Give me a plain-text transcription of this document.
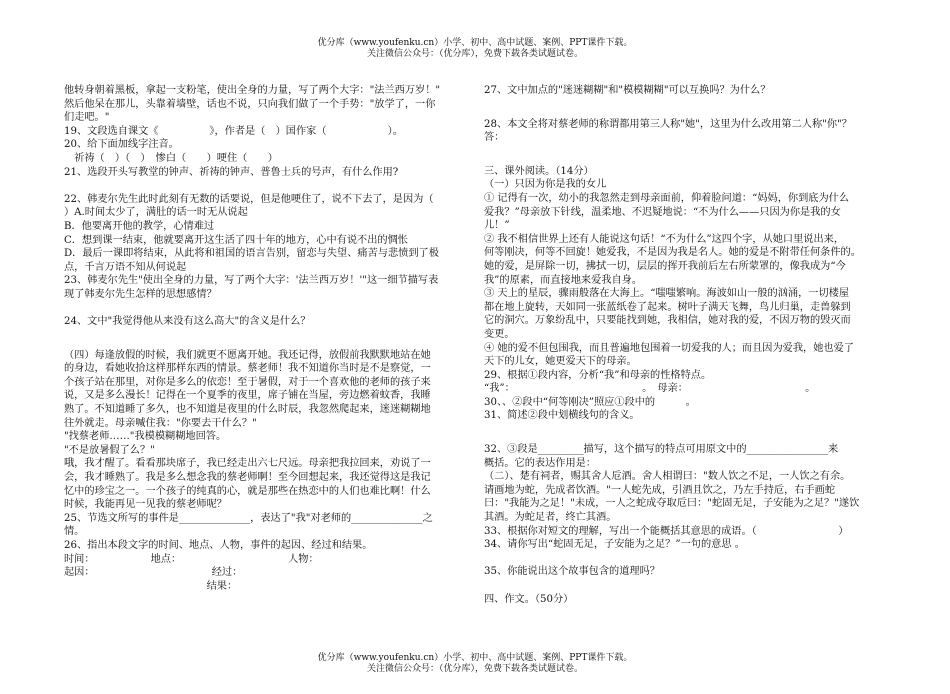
优分库（www.youfenku.cn）小学、初中、高中试题、案例、PPT课件下载。
关注微信公众号：（优分库），免费下载各类试题试卷。

他转身朝着黑板，拿起一支粉笔，使出全身的力量，写了两个大字："法兰西万岁！"

然后他呆在那儿，头靠着墙壁，话也不说，只向我们做了一个手势："放学了，一你

们走吧。"

19、文段选自课文《　　　　　》，作者是（　）国作家（　　　　　　）。

20、给下面加线字注音。

　祈祷（　）（　）　惨白（　　）哽住（　　）

21、选段开头写教堂的钟声、祈祷的钟声、普鲁士兵的号声，有什么作用?

22、韩麦尔先生此时此刻有无数的话要说，但是他哽住了，说不下去了，是因为（

）A.时间太少了，满肚的话一时无从说起

B．他要离开他的教学，心情难过

C．想到课一结束，他就要离开这生活了四十年的地方，心中有说不出的惆怅

D．最后一课即将结束，从此将和祖国的语言告别，留恋与失望、痛苦与悲愤到了极

点，千言万语不知从何说起

23、韩麦尔先生"使出全身的力量，写了两个大字：'法兰西万岁！'"这一细节描写表

现了韩麦尔先生怎样的思想感情？

24、文中"我觉得他从来没有这么高大"的含义是什么？

（四）每逢放假的时候，我们就更不愿离开她。我还记得，放假前我默默地站在她

的身边，看她收拾这样那样东西的情景。蔡老师！我不知道你当时是不是察觉，一

个孩子站在那里，对你是多么的依恋！至于暑假，对于一个喜欢他的老师的孩子来

说，又是多么漫长！记得在一个夏季的夜里，席子铺在当屋，旁边燃着蚊香，我睡

熟了。不知道睡了多久，也不知道是夜里的什么时辰，我忽然爬起来，迷迷糊糊地

往外就走。母亲喊住我："你要去干什么？"

"找蔡老师……"我模模糊糊地回答。

"不是放暑假了么？"

哦，我才醒了。看看那块席子，我已经走出六七尺远。母亲把我拉回来，劝说了一

会，我才睡熟了。我是多么想念我的蔡老师啊！至今回想起来，我还觉得这是我记

忆中的珍宝之一。一个孩子的纯真的心，就是那些在热恋中的人们也难比啊！什么

时候，我能再见一见我的蔡老师呢？

25、节选文所写的事件是______________，表达了"我"对老师的______________之

情。

26、指出本段文字的时间、地点、人物，事件的起因、经过和结果。

时间：　　　　　　地点：　　　　　　　　　　　人物：

起因：　　　　　　　　　　　　经过：

　　　　　　　　　　　　　　结果：

27、文中加点的"迷迷糊糊"和"模模糊糊"可以互换吗？为什么？

28、本文全将对蔡老师的称谓都用第三人称"她"，这里为什么改用第二人称"你"？

答：

三、课外阅读。（14分）

（一）只因为你是我的女儿

① 记得有一次，幼小的我忽然走到母亲面前，仰着脸问道：“妈妈，你到底为什么

爱我？”母亲放下针线，温柔地、不迟疑地说：“不为什么——只因为你是我的女

儿！”

② 我不相信世界上还有人能说这句话！“不为什么”这四个字，从她口里说出来，

何等刚决，何等不回旋！她爱我，不是因为我是名人。她的爱是不附带任何条件的。

她的爱，是屏除一切，拂拭一切，层层的挥开我前后左右所蒙罩的，像我成为“今

我”的原素，而直接地来爱我自身。

③ 天上的星辰，骤雨般落在大海上。“嗤嗤繁响。海波如山一般的汹涌，一切楼屋

都在地上旋转，天如同一张蓝纸卷了起来。树叶子满天飞舞，鸟儿归巢，走兽躲到

它的洞穴。万象纷乱中，只要能找到她，我相信，她对我的爱，不因万物的毁灭而

变更。

④ 她的爱不但包围我，而且普遍地包围着一切爱我的人；而且因为爱我，她也爱了

天下的儿女，她更爱天下的母亲。

29、根据①段内容，分析“我”和母亲的性格特点。

“我”：　　　　　　　　　　　　　。　母亲：　　　　　　　　　　　　。

30、、②段中“何等刚决”照应①段中的　　　。

31、简述②段中划横线句的含义。

32、③段是_________描写，这个描写的特点可用原文中的________________来

概括。它的表达作用是：

（二）、楚有祠者，赐其舍人卮酒。舍人相谓曰："数人饮之不足，一人饮之有余。

请画地为蛇，先成者饮酒。"一人蛇先成，引酒且饮之，乃左手持卮，右手画蛇

曰："我能为之足！"未成，一人之蛇成夺取卮曰："蛇固无足，子安能为之足？"遂饮

其酒。为蛇足者，终亡其酒。

33、根据你对短文的理解，写出一个能概括其意思的成语。（　　　　　　　　）

34、请你写出“蛇固无足，子安能为之足？”一句的意思 。

35、你能说出这个故事包含的道理吗？

四、作文。（50分）

优分库（www.youfenku.cn）小学、初中、高中试题、案例、PPT课件下载。
关注微信公众号：（优分库），免费下载各类试题试卷。
